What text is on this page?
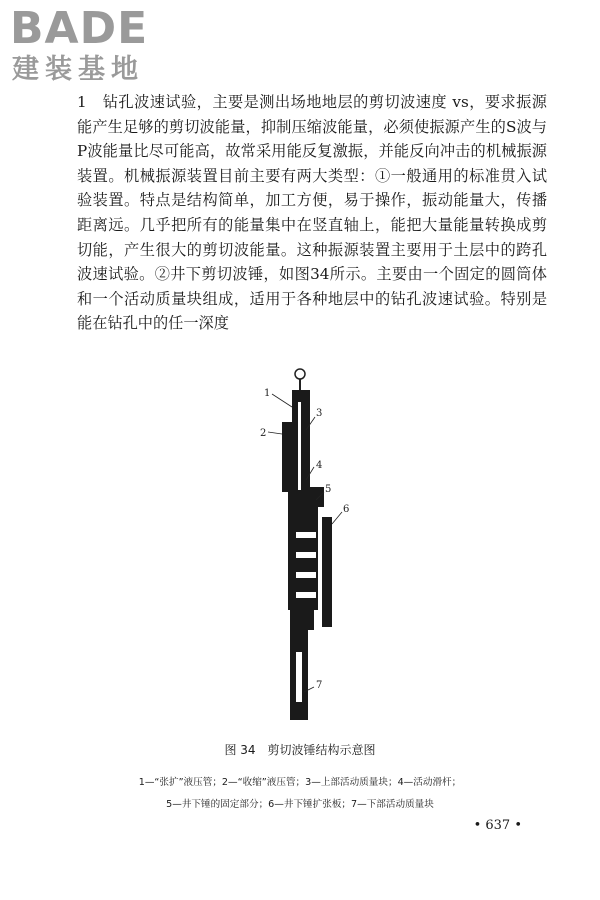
BADE
建装基地

1　钻孔波速试验，主要是测出场地地层的剪切波速度 vs，要求振源能产生足够的剪切波能量，抑制压缩波能量，必须使振源产生的S波与P波能量比尽可能高，故常采用能反复激振，并能反向冲击的机械振源装置。机械振源装置目前主要有两大类型：①一般通用的标准贯入试验装置。特点是结构简单，加工方便，易于操作，振动能量大，传播距离远。几乎把所有的能量集中在竖直轴上，能把大量能量转换成剪切能，产生很大的剪切波能量。这种振源装置主要用于土层中的跨孔波速试验。②井下剪切波锤，如图34所示。主要由一个固定的圆筒体和一个活动质量块组成，适用于各种地层中的钻孔波速试验。特别是能在钻孔中的任一深度

1
2
3
4
5
6
7
图 34　剪切波锤结构示意图
1—“张扩”液压管；2—“收缩”液压管；3—上部活动质量块；4—活动滑杆；
5—井下锤的固定部分；6—井下锤扩张板；7—下部活动质量块
• 637 •
